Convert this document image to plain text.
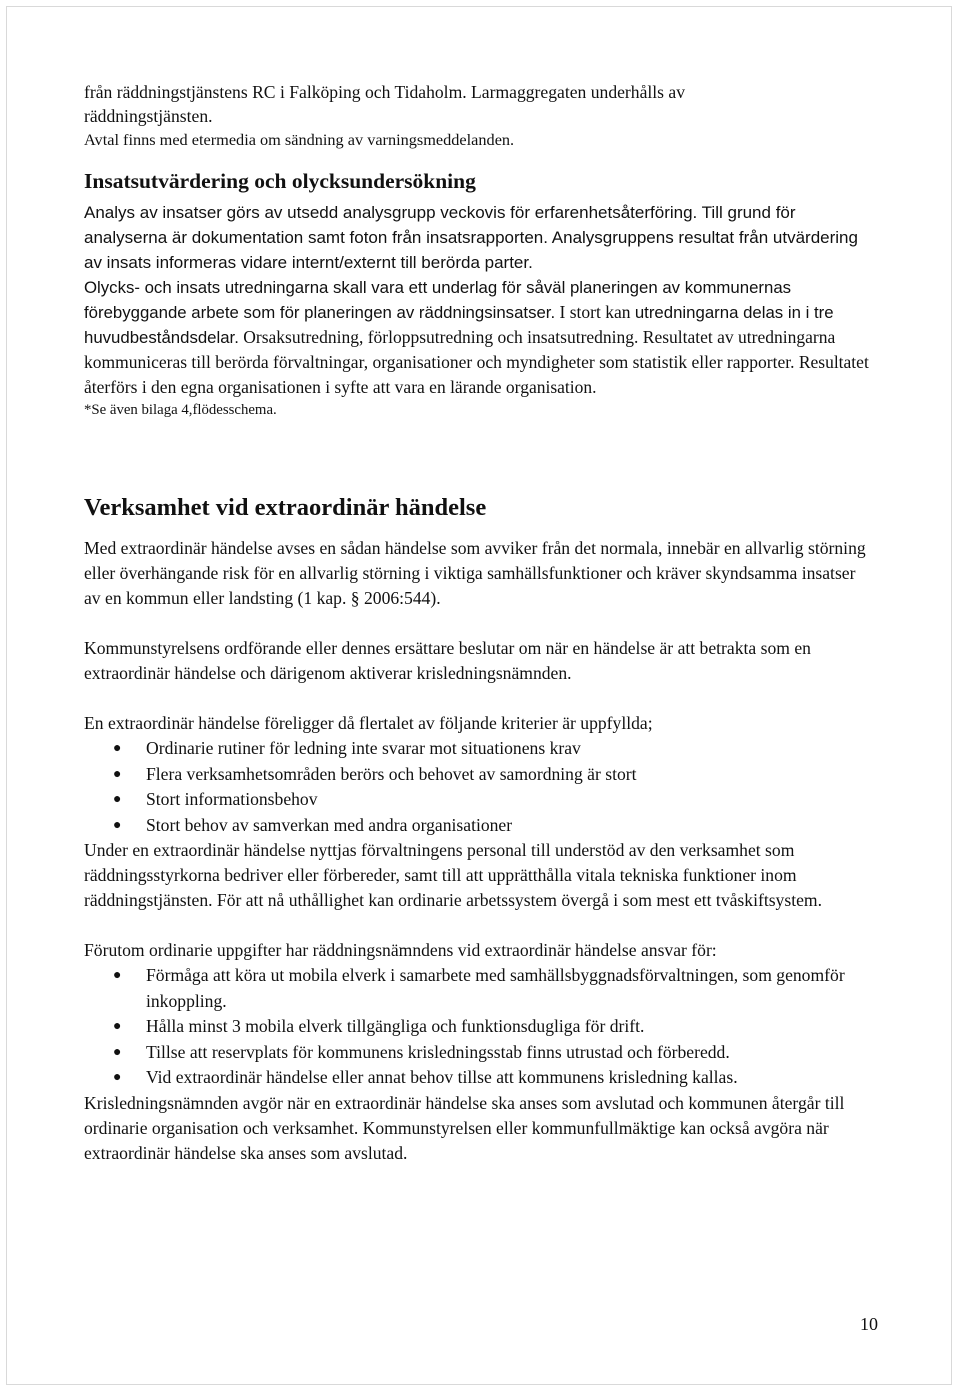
från räddningstjänstens RC i Falköping och Tidaholm. Larmaggregaten underhålls av

räddningstjänsten.

Avtal finns med etermedia om sändning av varningsmeddelanden.

Insatsutvärdering och olycksundersökning

Analys av insatser görs av utsedd analysgrupp veckovis för erfarenhetsåterföring. Till grund för analyserna är dokumentation samt foton från insatsrapporten. Analysgruppens resultat från utvärdering av insats informeras vidare internt/externt till berörda parter.

Olycks- och insats utredningarna skall vara ett underlag för såväl planeringen av kommunernas förebyggande arbete som för planeringen av räddningsinsatser. I stort kan utredningarna delas in i tre huvudbeståndsdelar. Orsaksutredning, förloppsutredning och insatsutredning. Resultatet av utredningarna kommuniceras till berörda förvaltningar, organisationer och myndigheter som statistik eller rapporter. Resultatet återförs i den egna organisationen i syfte att vara en lärande organisation.

*Se även bilaga 4,flödesschema.

Verksamhet vid extraordinär händelse

Med extraordinär händelse avses en sådan händelse som avviker från det normala, innebär en allvarlig störning eller överhängande risk för en allvarlig störning i viktiga samhällsfunktioner och kräver skyndsamma insatser av en kommun eller landsting (1 kap. § 2006:544).

Kommunstyrelsens ordförande eller dennes ersättare beslutar om när en händelse är att betrakta som en extraordinär händelse och därigenom aktiverar krisledningsnämnden.

En extraordinär händelse föreligger då flertalet av följande kriterier är uppfyllda;

● Ordinarie rutiner för ledning inte svarar mot situationens krav
● Flera verksamhetsområden berörs och behovet av samordning är stort
● Stort informationsbehov
● Stort behov av samverkan med andra organisationer

Under en extraordinär händelse nyttjas förvaltningens personal till understöd av den verksamhet som räddningsstyrkorna bedriver eller förbereder, samt till att upprätthålla vitala tekniska funktioner inom räddningstjänsten. För att nå uthållighet kan ordinarie arbetssystem övergå i som mest ett tvåskiftsystem.

Förutom ordinarie uppgifter har räddningsnämndens vid extraordinär händelse ansvar för:

● Förmåga att köra ut mobila elverk i samarbete med samhällsbyggnadsförvaltningen, som genomför inkoppling.
● Hålla minst 3 mobila elverk tillgängliga och funktionsdugliga för drift.
● Tillse att reservplats för kommunens krisledningsstab finns utrustad och förberedd.
● Vid extraordinär händelse eller annat behov tillse att kommunens krisledning kallas.

Krisledningsnämnden avgör när en extraordinär händelse ska anses som avslutad och kommunen återgår till ordinarie organisation och verksamhet. Kommunstyrelsen eller kommunfullmäktige kan också avgöra när extraordinär händelse ska anses som avslutad.

10
